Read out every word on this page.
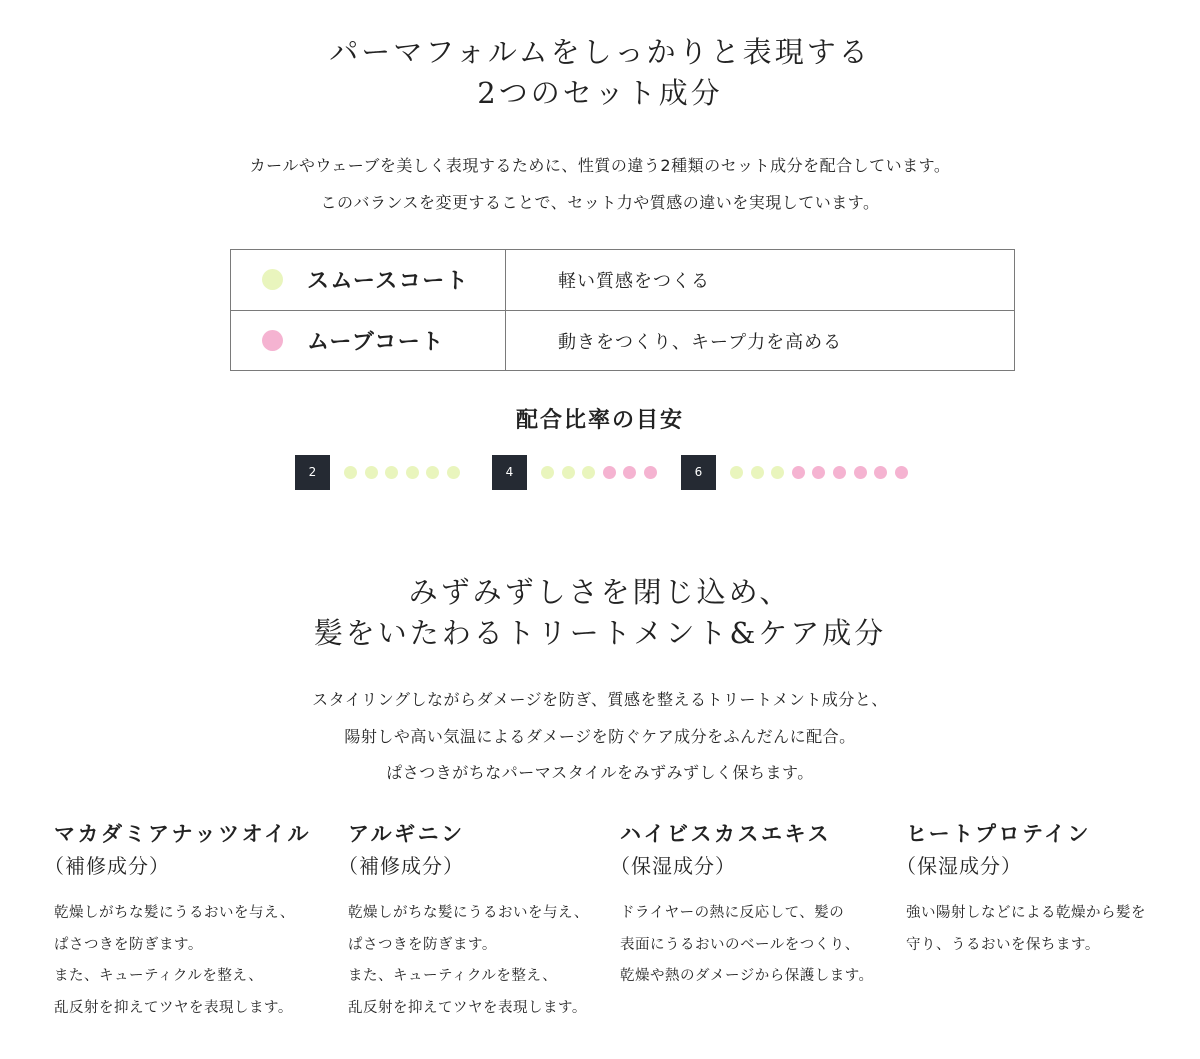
パーマフォルムをしっかりと表現する
2つのセット成分

カールやウェーブを美しく表現するために、性質の違う2種類のセット成分を配合しています。
このバランスを変更することで、セット力や質感の違いを実現しています。

スムースコート	軽い質感をつくる
ムーブコート	動きをつくり、キープ力を高める
配合比率の目安
2	4	6
みずみずしさを閉じ込め、
髪をいたわるトリートメント&ケア成分

スタイリングしながらダメージを防ぎ、質感を整えるトリートメント成分と、
陽射しや高い気温によるダメージを防ぐケア成分をふんだんに配合。
ぱさつきがちなパーマスタイルをみずみずしく保ちます。

マカダミアナッツオイル

（補修成分）

乾燥しがちな髪にうるおいを与え、
ぱさつきを防ぎます。
また、キューティクルを整え、
乱反射を抑えてツヤを表現します。

アルギニン

（補修成分）

乾燥しがちな髪にうるおいを与え、
ぱさつきを防ぎます。
また、キューティクルを整え、
乱反射を抑えてツヤを表現します。

ハイビスカスエキス

（保湿成分）

ドライヤーの熱に反応して、髪の
表面にうるおいのベールをつくり、
乾燥や熱のダメージから保護します。

ヒートプロテイン

（保湿成分）

強い陽射しなどによる乾燥から髪を
守り、うるおいを保ちます。
